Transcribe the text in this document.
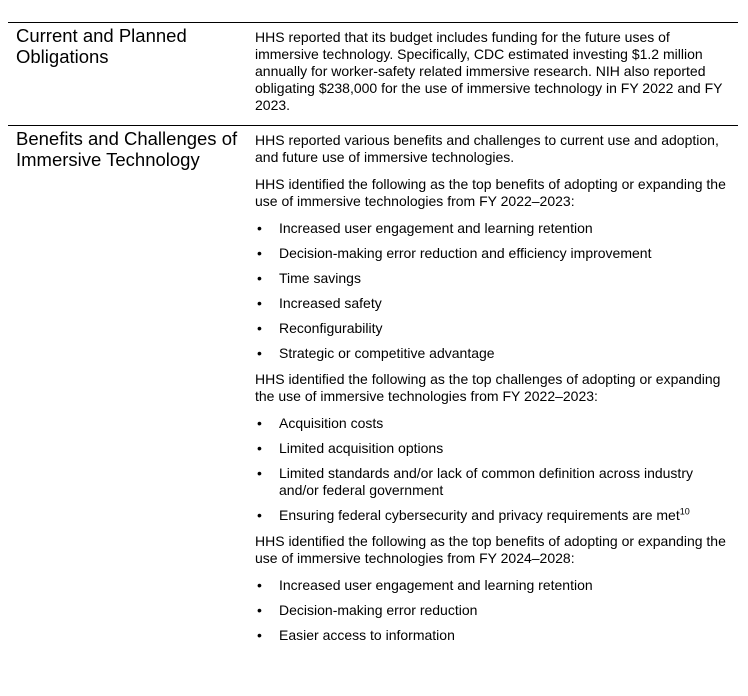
Current and Planned Obligations

HHS reported that its budget includes funding for the future uses of immersive technology. Specifically, CDC estimated investing $1.2 million annually for worker-safety related immersive research. NIH also reported obligating $238,000 for the use of immersive technology in FY 2022 and FY 2023.

Benefits and Challenges of Immersive Technology

HHS reported various benefits and challenges to current use and adoption, and future use of immersive technologies.

HHS identified the following as the top benefits of adopting or expanding the use of immersive technologies from FY 2022–2023:

• Increased user engagement and learning retention
• Decision-making error reduction and efficiency improvement
• Time savings
• Increased safety
• Reconfigurability
• Strategic or competitive advantage

HHS identified the following as the top challenges of adopting or expanding the use of immersive technologies from FY 2022–2023:

• Acquisition costs
• Limited acquisition options
• Limited standards and/or lack of common definition across industry and/or federal government
• Ensuring federal cybersecurity and privacy requirements are met$^{10}$

HHS identified the following as the top benefits of adopting or expanding the use of immersive technologies from FY 2024–2028:

• Increased user engagement and learning retention
• Decision-making error reduction
• Easier access to information
